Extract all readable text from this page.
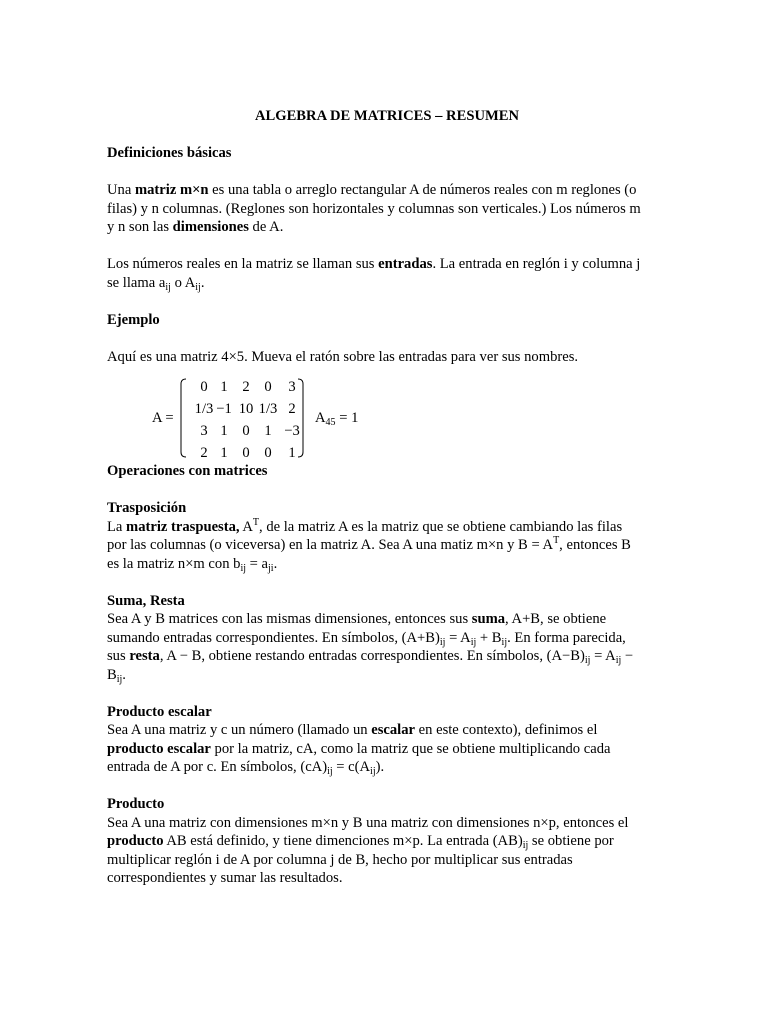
ALGEBRA DE MATRICES – RESUMEN
Definiciones básicas
Una matriz m×n es una tabla o arreglo rectangular A de números reales con m reglones (o
filas) y n columnas. (Reglones son horizontales y columnas son verticales.) Los números m
y n son las dimensiones de A.
Los números reales en la matriz se llaman sus entradas. La entrada en reglón i y columna j
se llama $a_{ij}$ o $A_{ij}$.
Ejemplo
Aquí es una matriz 4×5. Mueva el ratón sobre las entradas para ver sus nombres.
A =
0 1	2	0	3
1/3 −1 10 1/3 2
3 1	0	1 −3
2 1	0	0	1
$A_{45} = 1$
Operaciones con matrices
Trasposición
La matriz traspuesta, $A^T$, de la matriz A es la matriz que se obtiene cambiando las filas
por las columnas (o viceversa) en la matriz A. Sea A una matiz m×n y $B = A^T$, entonces B
es la matriz n×m con $b_{ij} = a_{ji}$.
Suma, Resta
Sea A y B matrices con las mismas dimensiones, entonces sus suma, A+B, se obtiene
sumando entradas correspondientes. En símbolos, $(A+B)_{ij} = A_{ij} + B_{ij}$. En forma parecida,
sus resta, A − B, obtiene restando entradas correspondientes. En símbolos, $(A-B)_{ij} = A_{ij}$ −
$B_{ij}$.
Producto escalar
Sea A una matriz y c un número (llamado un escalar en este contexto), definimos el
producto escalar por la matriz, cA, como la matriz que se obtiene multiplicando cada
entrada de A por c. En símbolos, $(cA)_{ij} = c(A_{ij})$.
Producto
Sea A una matriz con dimensiones m×n y B una matriz con dimensiones n×p, entonces el
producto AB está definido, y tiene dimenciones m×p. La entrada $(AB)_{ij}$ se obtiene por
multiplicar reglón i de A por columna j de B, hecho por multiplicar sus entradas
correspondientes y sumar las resultados.
